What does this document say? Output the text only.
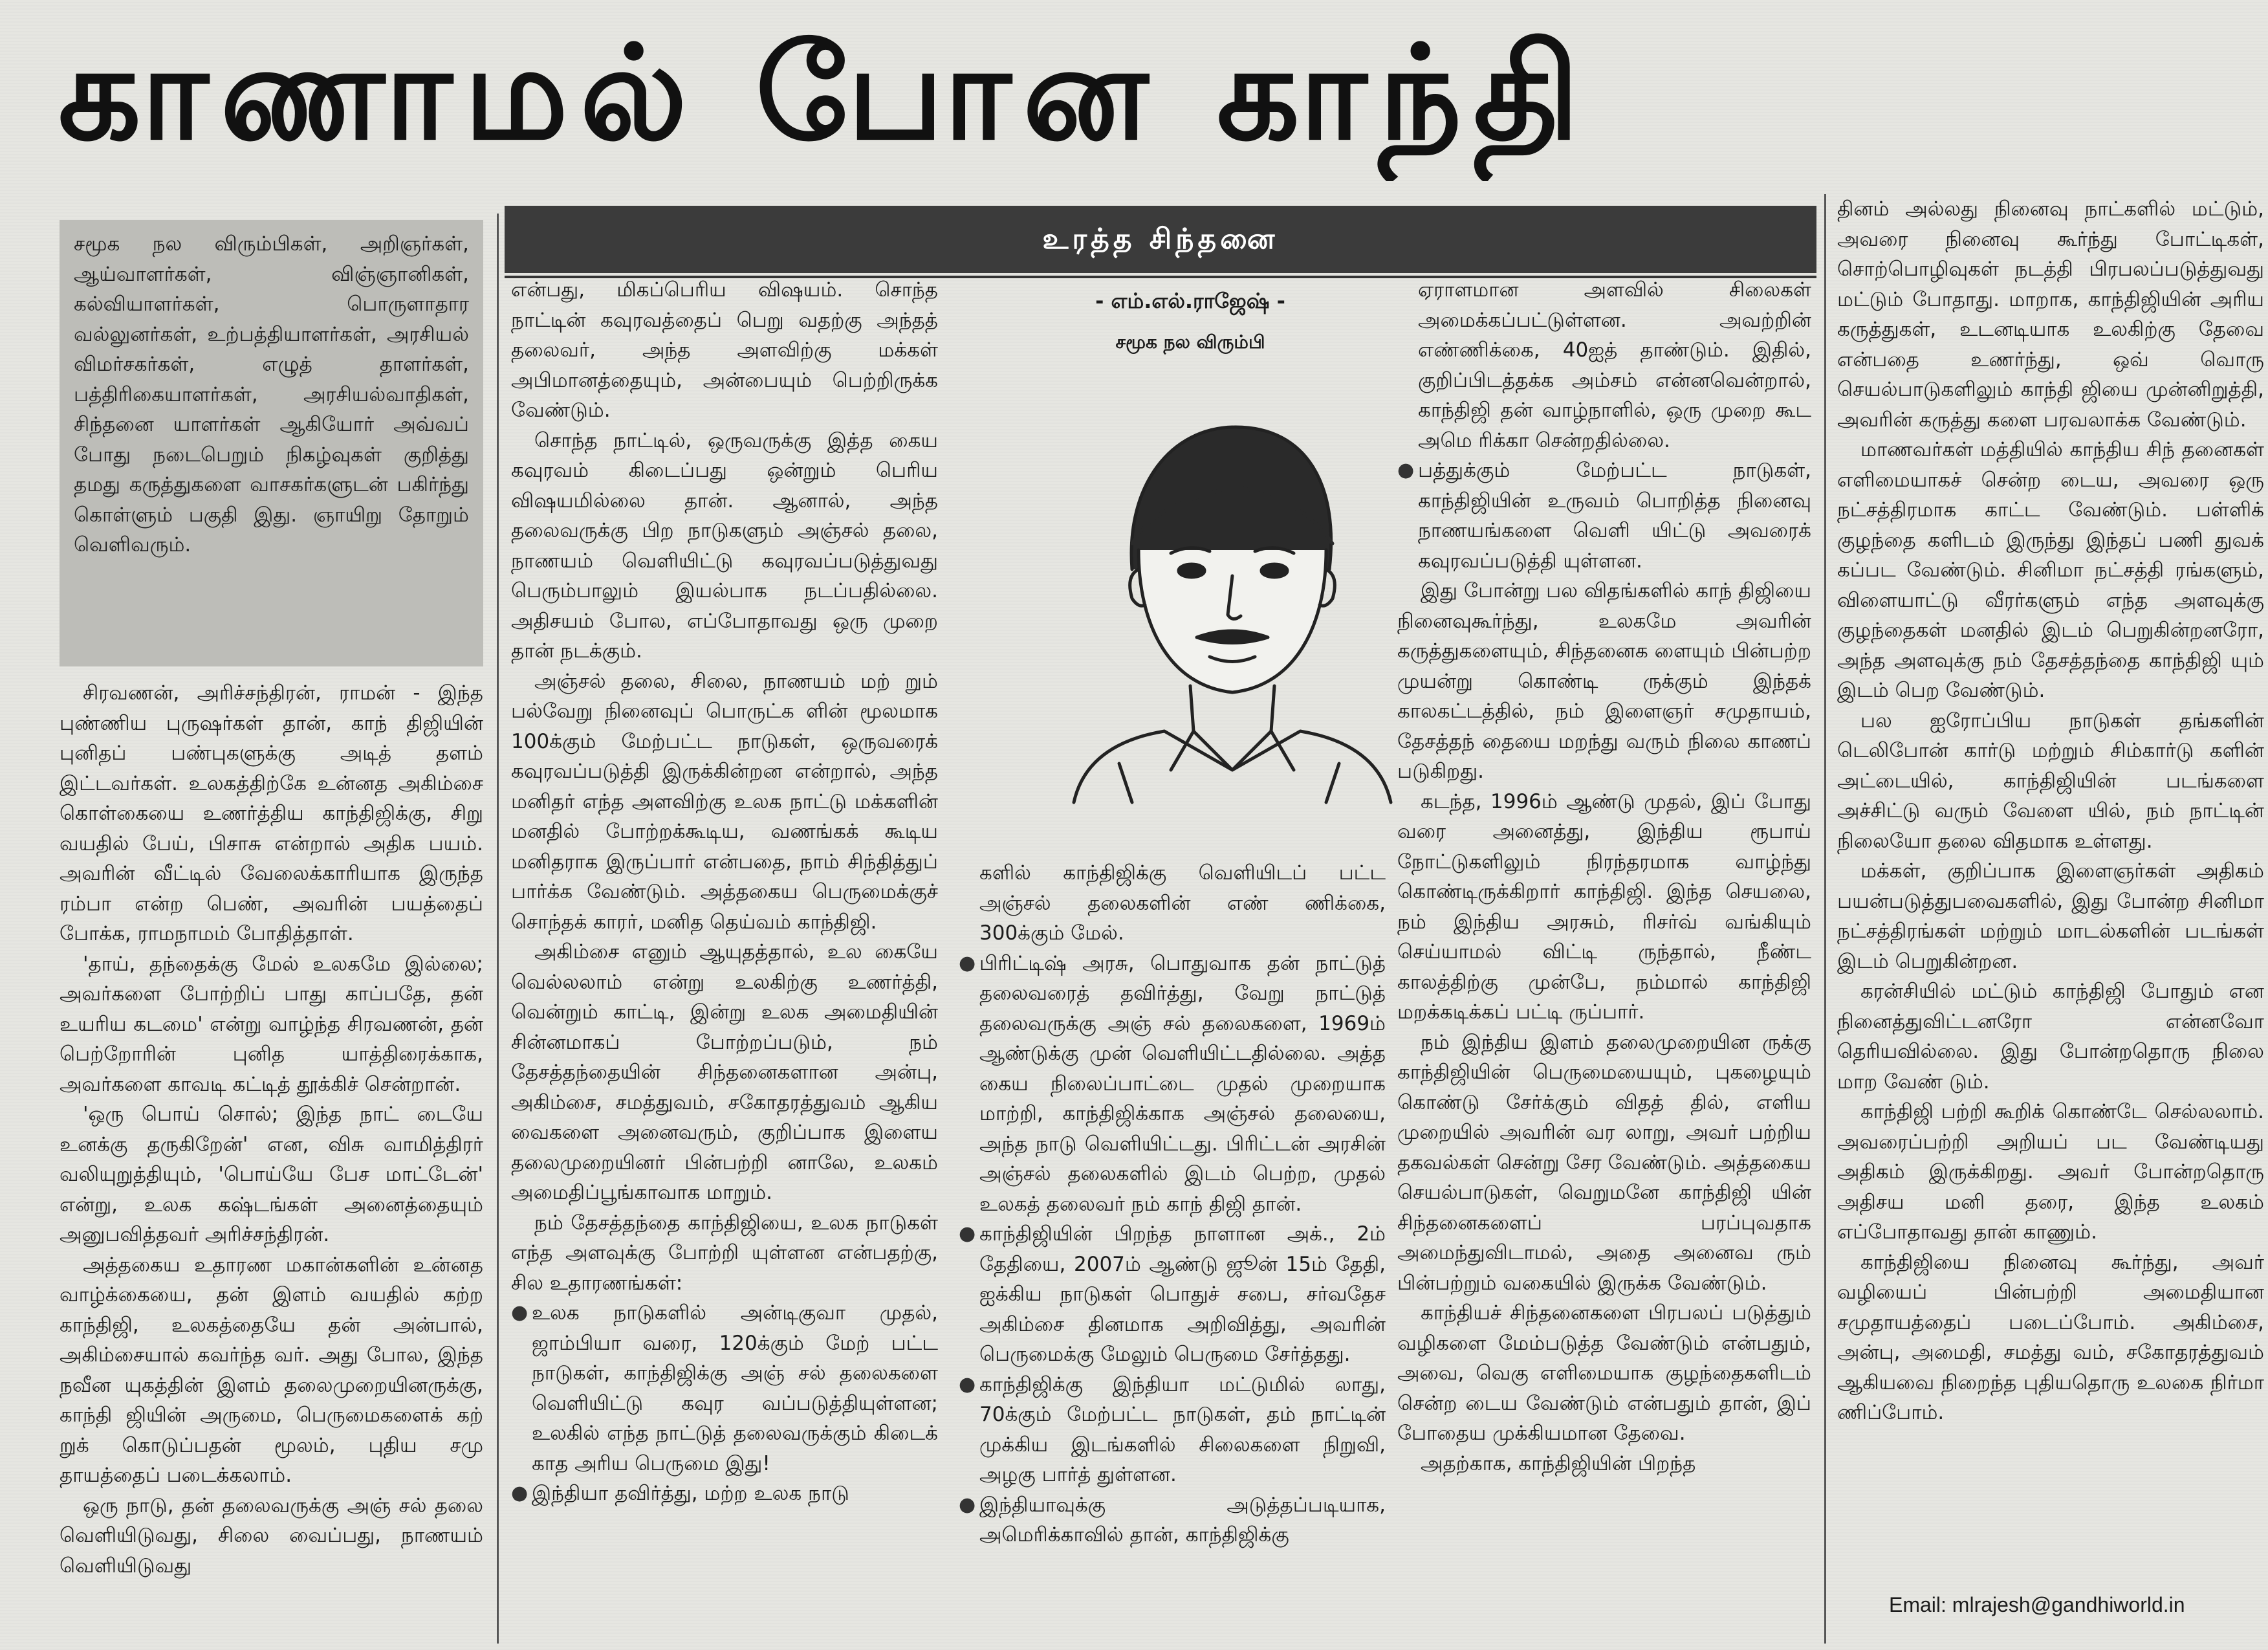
காணாமல் போன காந்தி

சமூக நல விரும்பிகள், அறிஞர்கள், ஆய்வாளர்கள், விஞ்ஞானிகள், கல்வியாளர்கள், பொருளாதார வல்லுனர்கள், உற்பத்தியாளர்கள், அரசியல் விமர்சகர்கள், எழுத் தாளர்கள், பத்திரிகையாளர்கள், அரசியல்வாதிகள், சிந்தனை யாளர்கள் ஆகியோர் அவ்வப் போது நடைபெறும் நிகழ்வுகள் குறித்து தமது கருத்துகளை வாசகர்களுடன் பகிர்ந்து கொள்ளும் பகுதி இது. ஞாயிறு தோறும் வெளிவரும்.

உரத்த சிந்தனை
- எம்.எல்.ராஜேஷ் -
சமூக நல விரும்பி

சிரவணன், அரிச்சந்திரன், ராமன் - இந்த புண்ணிய புருஷர்கள் தான், காந் திஜியின் புனிதப் பண்புகளுக்கு அடித் தளம் இட்டவர்கள். உலகத்திற்கே உன்னத அகிம்சை கொள்கையை உணர்த்திய காந்திஜிக்கு, சிறு வயதில் பேய், பிசாசு என்றால் அதிக பயம். அவரின் வீட்டில் வேலைக்காரியாக இருந்த ரம்பா என்ற பெண், அவரின் பயத்தைப் போக்க, ராமநாமம் போதித்தாள்.

'தாய், தந்தைக்கு மேல் உலகமே இல்லை; அவர்களை போற்றிப் பாது காப்பதே, தன் உயரிய கடமை' என்று வாழ்ந்த சிரவணன், தன் பெற்றோரின் புனித யாத்திரைக்காக, அவர்களை காவடி கட்டித் தூக்கிச் சென்றான்.

'ஒரு பொய் சொல்; இந்த நாட் டையே உனக்கு தருகிறேன்' என, விசு வாமித்திரர் வலியுறுத்தியும், 'பொய்யே பேச மாட்டேன்' என்று, உலக கஷ்டங்கள் அனைத்தையும் அனுபவித்தவர் அரிச்சந்திரன்.

அத்தகைய உதாரண மகான்களின் உன்னத வாழ்க்கையை, தன் இளம் வயதில் கற்ற காந்திஜி, உலகத்தையே தன் அன்பால், அகிம்சையால் கவர்ந்த வர். அது போல, இந்த நவீன யுகத்தின் இளம் தலைமுறையினருக்கு, காந்தி ஜியின் அருமை, பெருமைகளைக் கற் றுக் கொடுப்பதன் மூலம், புதிய சமு தாயத்தைப் படைக்கலாம்.

ஒரு நாடு, தன் தலைவருக்கு அஞ் சல் தலை வெளியிடுவது, சிலை வைப்பது, நாணயம் வெளியிடுவது

என்பது, மிகப்பெரிய விஷயம். சொந்த நாட்டின் கவுரவத்தைப் பெறு வதற்கு அந்தத் தலைவர், அந்த அளவிற்கு மக்கள் அபிமானத்தையும், அன்பையும் பெற்றிருக்க வேண்டும்.

சொந்த நாட்டில், ஒருவருக்கு இத்த கைய கவுரவம் கிடைப்பது ஒன்றும் பெரிய விஷயமில்லை தான். ஆனால், அந்த தலைவருக்கு பிற நாடுகளும் அஞ்சல் தலை, நாணயம் வெளியிட்டு கவுரவப்படுத்துவது பெரும்பாலும் இயல்பாக நடப்பதில்லை. அதிசயம் போல, எப்போதாவது ஒரு முறை தான் நடக்கும்.

அஞ்சல் தலை, சிலை, நாணயம் மற் றும் பல்வேறு நினைவுப் பொருட்க ளின் மூலமாக 100க்கும் மேற்பட்ட நாடுகள், ஒருவரைக் கவுரவப்படுத்தி இருக்கின்றன என்றால், அந்த மனிதர் எந்த அளவிற்கு உலக நாட்டு மக்களின் மனதில் போற்றக்கூடிய, வணங்கக் கூடிய மனிதராக இருப்பார் என்பதை, நாம் சிந்தித்துப் பார்க்க வேண்டும். அத்தகைய பெருமைக்குச் சொந்தக் காரர், மனித தெய்வம் காந்திஜி.

அகிம்சை எனும் ஆயுதத்தால், உல கையே வெல்லலாம் என்று உலகிற்கு உணர்த்தி, வென்றும் காட்டி, இன்று உலக அமைதியின் சின்னமாகப் போற்றப்படும், நம் தேசத்தந்தையின் சிந்தனைகளான அன்பு, அகிம்சை, சமத்துவம், சகோதரத்துவம் ஆகிய வைகளை அனைவரும், குறிப்பாக இளைய தலைமுறையினர் பின்பற்றி னாலே, உலகம் அமைதிப்பூங்காவாக மாறும்.

நம் தேசத்தந்தை காந்திஜியை, உலக நாடுகள் எந்த அளவுக்கு போற்றி யுள்ளன என்பதற்கு, சில உதாரணங்கள்:

● உலக நாடுகளில் அன்டிகுவா முதல், ஜாம்பியா வரை, 120க்கும் மேற் பட்ட நாடுகள், காந்திஜிக்கு அஞ் சல் தலைகளை வெளியிட்டு கவுர வப்படுத்தியுள்ளன; உலகில் எந்த நாட்டுத் தலைவருக்கும் கிடைக் காத அரிய பெருமை இது!

● இந்தியா தவிர்த்து, மற்ற உலக நாடு

களில் காந்திஜிக்கு வெளியிடப் பட்ட அஞ்சல் தலைகளின் எண் ணிக்கை, 300க்கும் மேல்.

● பிரிட்டிஷ் அரசு, பொதுவாக தன் நாட்டுத் தலைவரைத் தவிர்த்து, வேறு நாட்டுத் தலைவருக்கு அஞ் சல் தலைகளை, 1969ம் ஆண்டுக்கு முன் வெளியிட்டதில்லை. அத்த கைய நிலைப்பாட்டை முதல் முறையாக மாற்றி, காந்திஜிக்காக அஞ்சல் தலையை, அந்த நாடு வெளியிட்டது. பிரிட்டன் அரசின் அஞ்சல் தலைகளில் இடம் பெற்ற, முதல் உலகத் தலைவர் நம் காந் திஜி தான்.

● காந்திஜியின் பிறந்த நாளான அக்., 2ம் தேதியை, 2007ம் ஆண்டு ஜூன் 15ம் தேதி, ஐக்கிய நாடுகள் பொதுச் சபை, சர்வதேச அகிம்சை தினமாக அறிவித்து, அவரின் பெருமைக்கு மேலும் பெருமை சேர்த்தது.

● காந்திஜிக்கு இந்தியா மட்டுமில் லாது, 70க்கும் மேற்பட்ட நாடுகள், தம் நாட்டின் முக்கிய இடங்களில் சிலைகளை நிறுவி, அழகு பார்த் துள்ளன.

● இந்தியாவுக்கு அடுத்தப்படியாக, அமெரிக்காவில் தான், காந்திஜிக்கு

ஏராளமான அளவில் சிலைகள் அமைக்கப்பட்டுள்ளன. அவற்றின் எண்ணிக்கை, 40ஐத் தாண்டும். இதில், குறிப்பிடத்தக்க அம்சம் என்னவென்றால், காந்திஜி தன் வாழ்நாளில், ஒரு முறை கூட அமெ ரிக்கா சென்றதில்லை.

● பத்துக்கும் மேற்பட்ட நாடுகள், காந்திஜியின் உருவம் பொறித்த நினைவு நாணயங்களை வெளி யிட்டு அவரைக் கவுரவப்படுத்தி யுள்ளன.

இது போன்று பல விதங்களில் காந் திஜியை நினைவுகூர்ந்து, உலகமே அவரின் கருத்துகளையும், சிந்தனைக ளையும் பின்பற்ற முயன்று கொண்டி ருக்கும் இந்தக் காலகட்டத்தில், நம் இளைஞர் சமுதாயம், தேசத்தந் தையை மறந்து வரும் நிலை காணப் படுகிறது.

கடந்த, 1996ம் ஆண்டு முதல், இப் போது வரை அனைத்து, இந்திய ரூபாய் நோட்டுகளிலும் நிரந்தரமாக வாழ்ந்து கொண்டிருக்கிறார் காந்திஜி. இந்த செயலை, நம் இந்திய அரசும், ரிசர்வ் வங்கியும் செய்யாமல் விட்டி ருந்தால், நீண்ட காலத்திற்கு முன்பே, நம்மால் காந்திஜி மறக்கடிக்கப் பட்டி ருப்பார்.

நம் இந்திய இளம் தலைமுறையின ருக்கு காந்திஜியின் பெருமையையும், புகழையும் கொண்டு சேர்க்கும் விதத் தில், எளிய முறையில் அவரின் வர லாறு, அவர் பற்றிய தகவல்கள் சென்று சேர வேண்டும். அத்தகைய செயல்பாடுகள், வெறுமனே காந்திஜி யின் சிந்தனைகளைப் பரப்புவதாக அமைந்துவிடாமல், அதை அனைவ ரும் பின்பற்றும் வகையில் இருக்க வேண்டும்.

காந்தியச் சிந்தனைகளை பிரபலப் படுத்தும் வழிகளை மேம்படுத்த வேண்டும் என்பதும், அவை, வெகு எளிமையாக குழந்தைகளிடம் சென்ற டைய வேண்டும் என்பதும் தான், இப் போதைய முக்கியமான தேவை.

அதற்காக, காந்திஜியின் பிறந்த

தினம் அல்லது நினைவு நாட்களில் மட்டும், அவரை நினைவு கூர்ந்து போட்டிகள், சொற்பொழிவுகள் நடத்தி பிரபலப்படுத்துவது மட்டும் போதாது. மாறாக, காந்திஜியின் அரிய கருத்துகள், உடனடியாக உலகிற்கு தேவை என்பதை உணர்ந்து, ஒவ் வொரு செயல்பாடுகளிலும் காந்தி ஜியை முன்னிறுத்தி, அவரின் கருத்து களை பரவலாக்க வேண்டும்.

மாணவர்கள் மத்தியில் காந்திய சிந் தனைகள் எளிமையாகச் சென்ற டைய, அவரை ஒரு நட்சத்திரமாக காட்ட வேண்டும். பள்ளிக் குழந்தை களிடம் இருந்து இந்தப் பணி துவக் கப்பட வேண்டும். சினிமா நட்சத்தி ரங்களும், விளையாட்டு வீரர்களும் எந்த அளவுக்கு குழந்தைகள் மனதில் இடம் பெறுகின்றனரோ, அந்த அளவுக்கு நம் தேசத்தந்தை காந்திஜி யும் இடம் பெற வேண்டும்.

பல ஐரோப்பிய நாடுகள் தங்களின் டெலிபோன் கார்டு மற்றும் சிம்கார்டு களின் அட்டையில், காந்திஜியின் படங்களை அச்சிட்டு வரும் வேளை யில், நம் நாட்டின் நிலையோ தலை விதமாக உள்ளது.

மக்கள், குறிப்பாக இளைஞர்கள் அதிகம் பயன்படுத்துபவைகளில், இது போன்ற சினிமா நட்சத்திரங்கள் மற்றும் மாடல்களின் படங்கள் இடம் பெறுகின்றன.

கரன்சியில் மட்டும் காந்திஜி போதும் என நினைத்துவிட்டனரோ என்னவோ தெரியவில்லை. இது போன்றதொரு நிலை மாற வேண் டும்.

காந்திஜி பற்றி கூறிக் கொண்டே செல்லலாம். அவரைப்பற்றி அறியப் பட வேண்டியது அதிகம் இருக்கிறது. அவர் போன்றதொரு அதிசய மனி தரை, இந்த உலகம் எப்போதாவது தான் காணும்.

காந்திஜியை நினைவு கூர்ந்து, அவர் வழியைப் பின்பற்றி அமைதியான சமுதாயத்தைப் படைப்போம். அகிம்சை, அன்பு, அமைதி, சமத்து வம், சகோதரத்துவம் ஆகியவை நிறைந்த புதியதொரு உலகை நிர்மா ணிப்போம்.

Email: mlrajesh@gandhiworld.in
